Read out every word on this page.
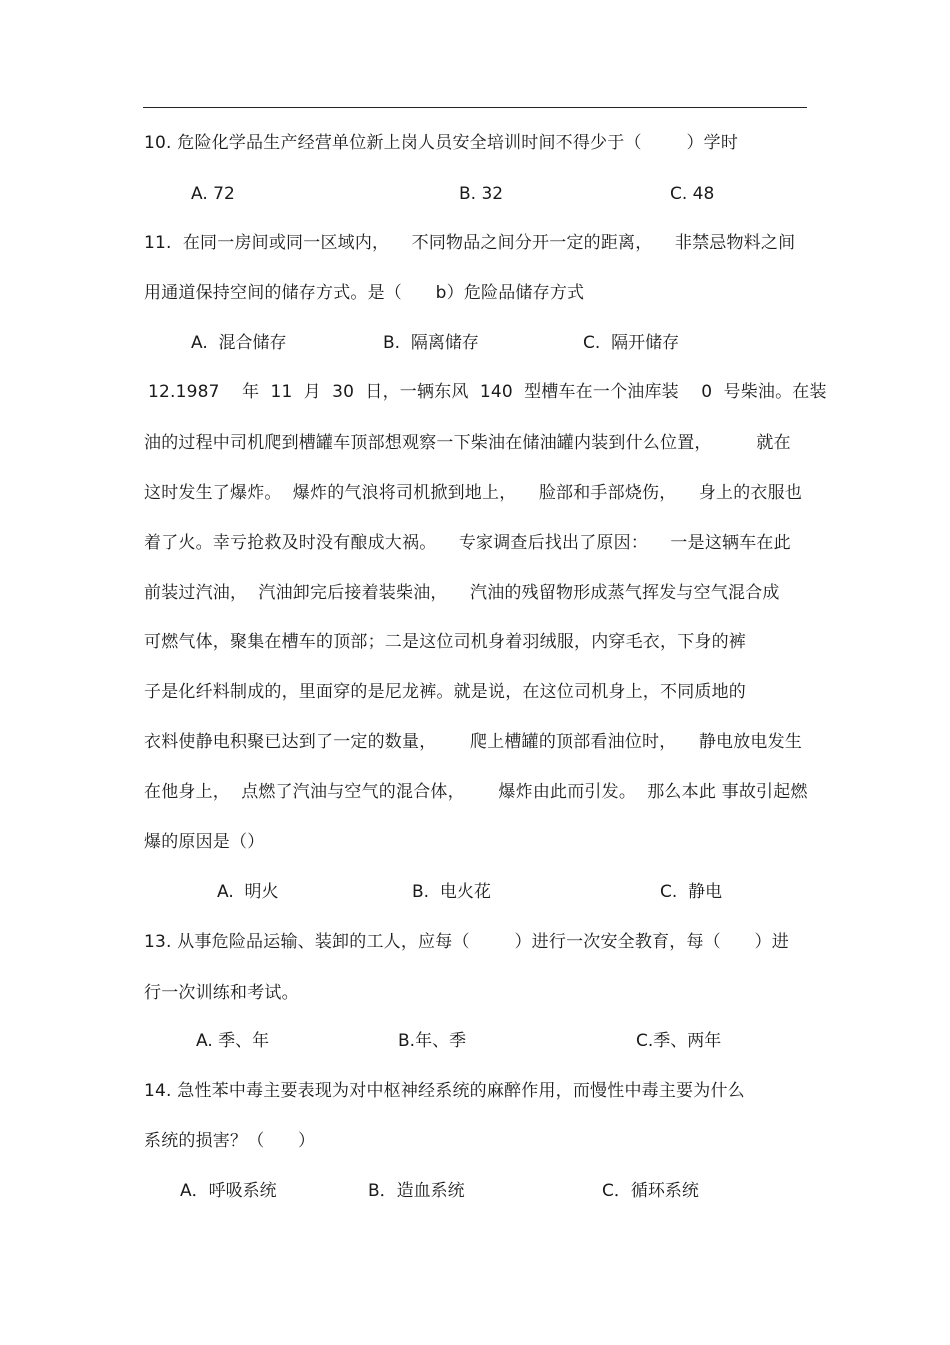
10. 危险化学品生产经营单位新上岗人员安全培训时间不得少于（        ）学时
A. 72	B. 32	C. 48
11.  在同一房间或同一区域内，    不同物品之间分开一定的距离，    非禁忌物料之间
用通道保持空间的储存方式。是（      b）危险品储存方式
A.  混合储存	B.  隔离储存	C.  隔开储存
12.1987    年  11  月  30  日，一辆东风  140  型槽车在一个油库装    0  号柴油。在装
油的过程中司机爬到槽罐车顶部想观察一下柴油在储油罐内装到什么位置，        就在
这时发生了爆炸。  爆炸的气浪将司机掀到地上，    脸部和手部烧伤，    身上的衣服也
着了火。幸亏抢救及时没有酿成大祸。    专家调查后找出了原因：    一是这辆车在此
前装过汽油，  汽油卸完后接着装柴油，    汽油的残留物形成蒸气挥发与空气混合成
可燃气体，聚集在槽车的顶部；二是这位司机身着羽绒服，内穿毛衣，下身的裤
子是化纤料制成的，里面穿的是尼龙裤。就是说，在这位司机身上，不同质地的
衣料使静电积聚已达到了一定的数量，      爬上槽罐的顶部看油位时，    静电放电发生
在他身上，  点燃了汽油与空气的混合体，      爆炸由此而引发。  那么本此 事故引起燃
爆的原因是（）
A.  明火	B.  电火花	C.  静电
13. 从事危险品运输、装卸的工人，应每（        ）进行一次安全教育，每（      ）进
行一次训练和考试。
A. 季、年	B.年、季	C.季、两年
14. 急性苯中毒主要表现为对中枢神经系统的麻醉作用，而慢性中毒主要为什么
系统的损害？（      ）
A．呼吸系统	B．造血系统	C．循环系统
